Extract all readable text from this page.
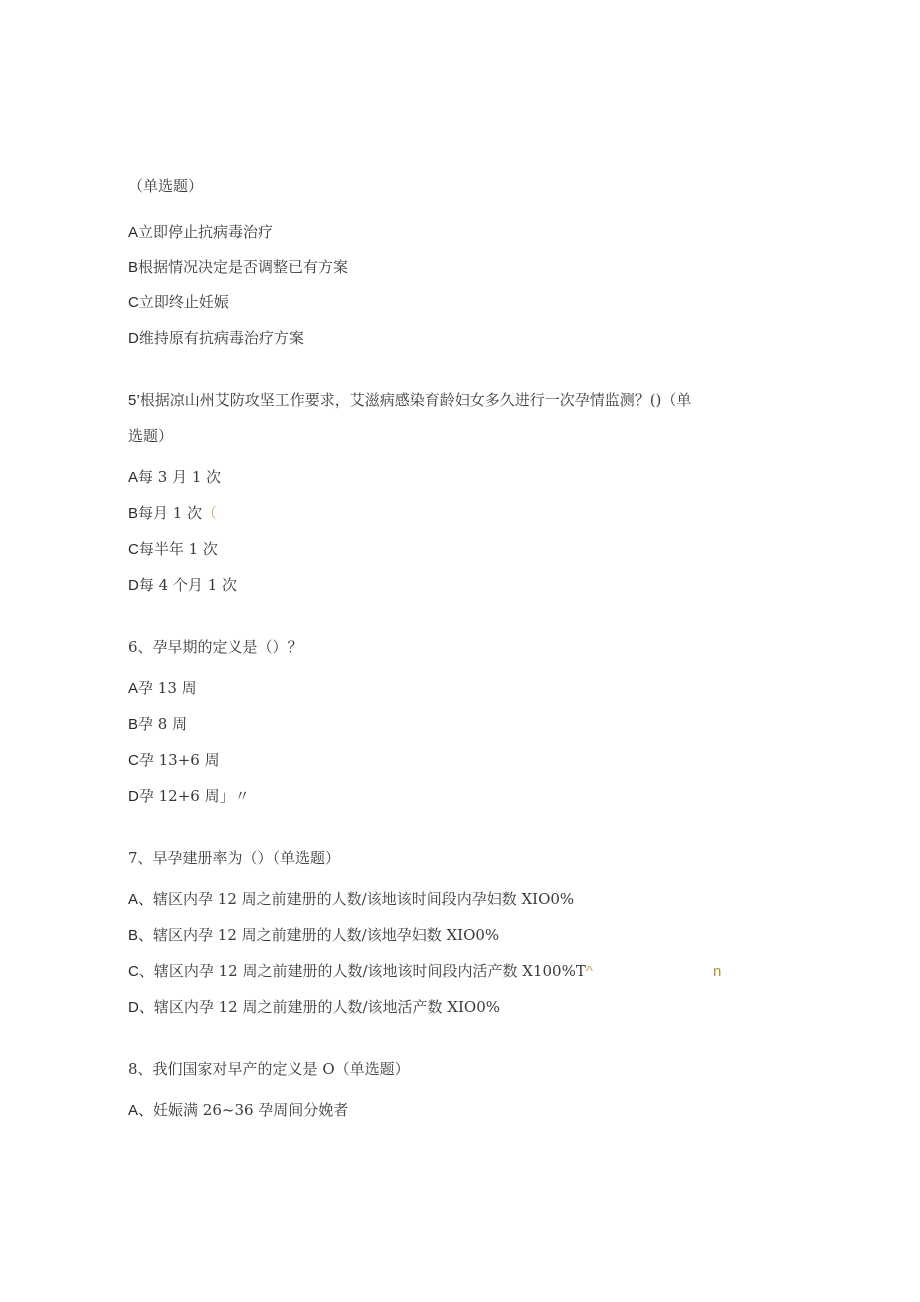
（单选题）
A立即停止抗病毒治疗
B根据情况决定是否调整已有方案
C立即终止妊娠
D维持原有抗病毒治疗方案
5’根据凉山州艾防攻坚工作要求，艾滋病感染育龄妇女多久进行一次孕情监测？()（单
选题）
A每 3 月 1 次
B每月 1 次（
C每半年 1 次
D每 4 个月 1 次
6、孕早期的定义是（）？
A孕 13 周
B孕 8 周
C孕 13+6 周
D孕 12+6 周」〃
7、早孕建册率为（）（单选题）
A、辖区内孕 12 周之前建册的人数/该地该时间段内孕妇数 XIO0%
B、辖区内孕 12 周之前建册的人数/该地孕妇数 XIO0%
C、辖区内孕 12 周之前建册的人数/该地该时间段内活产数 X100%T^	n
D、辖区内孕 12 周之前建册的人数/该地活产数 XIO0%
8、我们国家对早产的定义是 O（单选题）
A、妊娠满 26~36 孕周间分娩者
